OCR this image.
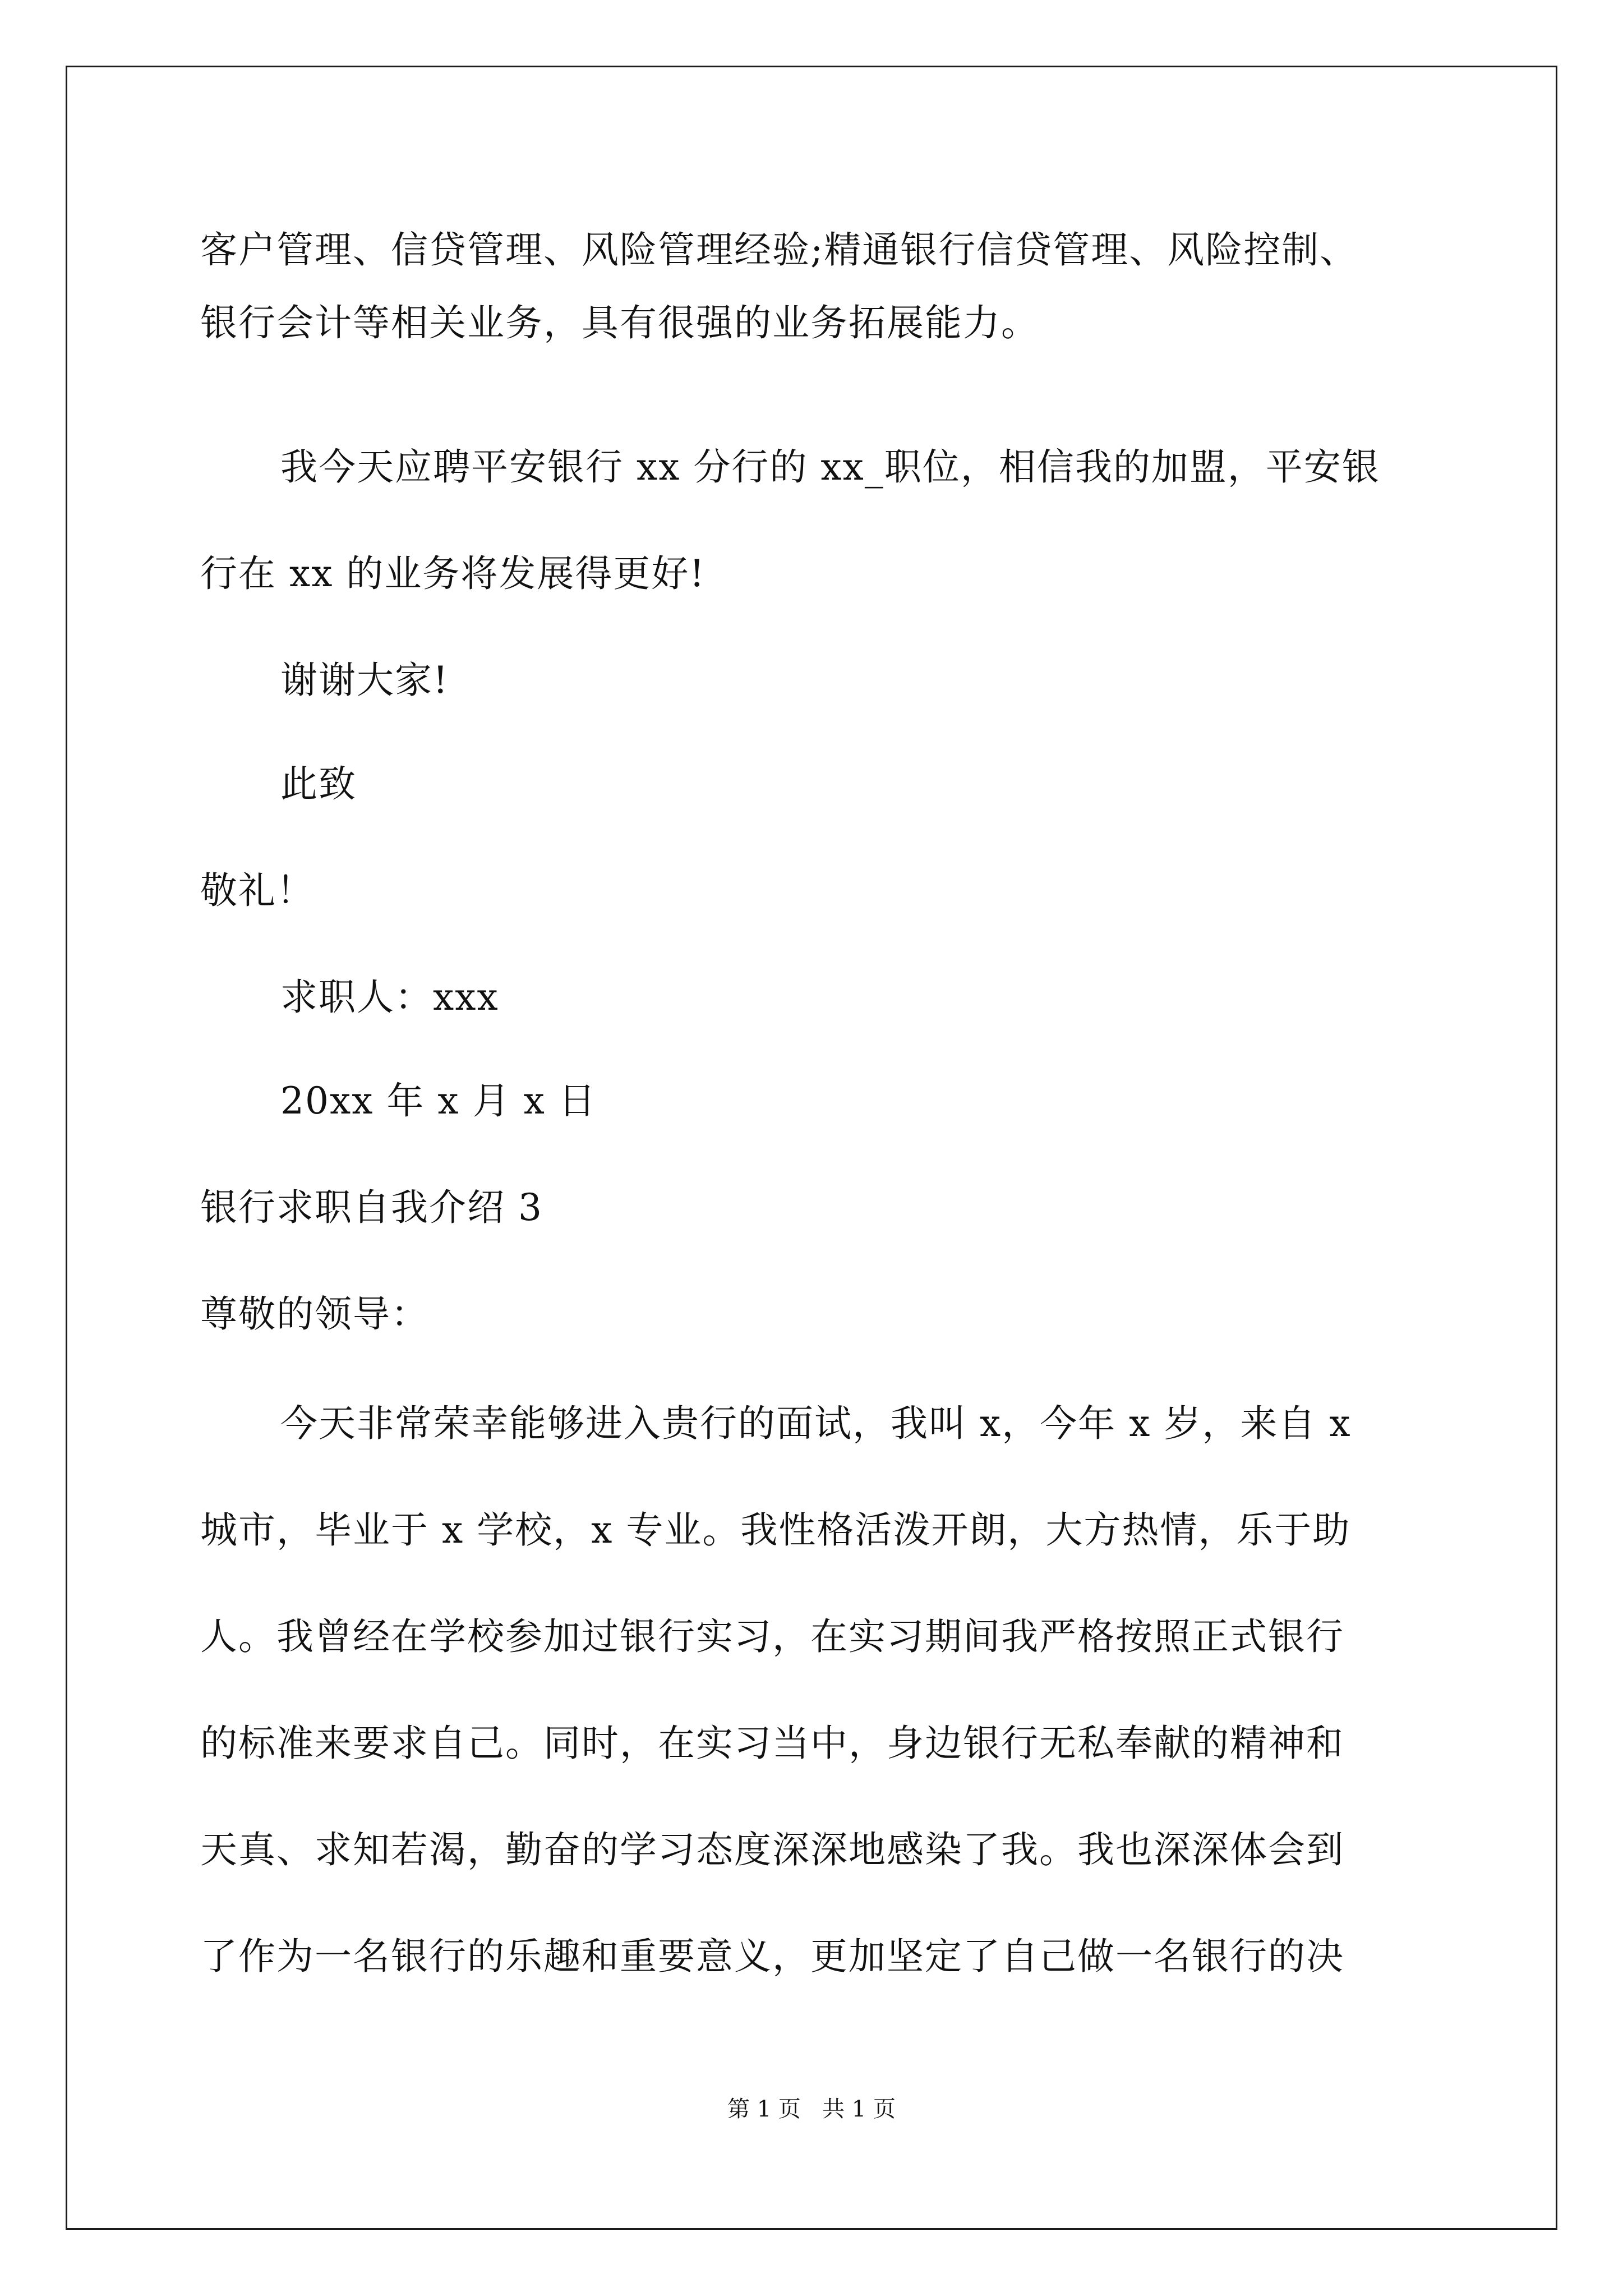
客户管理、信贷管理、风险管理经验;精通银行信贷管理、风险控制、
银行会计等相关业务，具有很强的业务拓展能力。
我今天应聘平安银行 xx 分行的 xx_职位，相信我的加盟，平安银
行在 xx 的业务将发展得更好!
谢谢大家!
此致
敬礼！
求职人：xxx
20xx 年 x 月 x 日
银行求职自我介绍 3
尊敬的领导：
今天非常荣幸能够进入贵行的面试，我叫 x，今年 x 岁，来自 x
城市，毕业于 x 学校，x 专业。我性格活泼开朗，大方热情，乐于助
人。我曾经在学校参加过银行实习，在实习期间我严格按照正式银行
的标准来要求自己。同时，在实习当中，身边银行无私奉献的精神和
天真、求知若渴，勤奋的学习态度深深地感染了我。我也深深体会到
了作为一名银行的乐趣和重要意义，更加坚定了自己做一名银行的决
第 1 页   共 1 页
